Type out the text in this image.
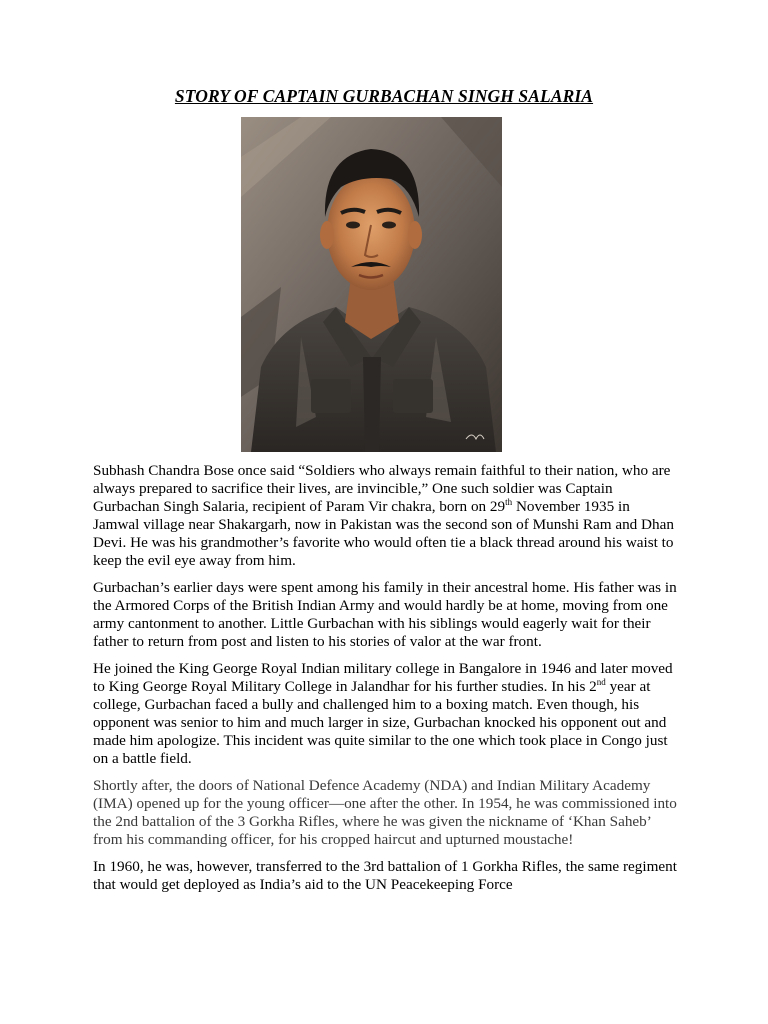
STORY OF CAPTAIN GURBACHAN SINGH SALARIA

Subhash Chandra Bose once said “Soldiers who always remain faithful to their nation, who are always prepared to sacrifice their lives, are invincible,” One such soldier was Captain Gurbachan Singh Salaria, recipient of Param Vir chakra, born on 29th November 1935 in Jamwal village near Shakargarh, now in Pakistan was the second son of Munshi Ram and Dhan Devi. He was his grandmother’s favorite who would often tie a black thread around his waist to keep the evil eye away from him.

Gurbachan’s earlier days were spent among his family in their ancestral home. His father was in the Armored Corps of the British Indian Army and would hardly be at home, moving from one army cantonment to another. Little Gurbachan with his siblings would eagerly wait for their father to return from post and listen to his stories of valor at the war front.

He joined the King George Royal Indian military college in Bangalore in 1946 and later moved to King George Royal Military College in Jalandhar for his further studies. In his 2nd year at college, Gurbachan faced a bully and challenged him to a boxing match. Even though, his opponent was senior to him and much larger in size, Gurbachan knocked his opponent out and made him apologize. This incident was quite similar to the one which took place in Congo just on a battle field.

Shortly after, the doors of National Defence Academy (NDA) and Indian Military Academy (IMA) opened up for the young officer—one after the other. In 1954, he was commissioned into the 2nd battalion of the 3 Gorkha Rifles, where he was given the nickname of ‘Khan Saheb’ from his commanding officer, for his cropped haircut and upturned moustache!

In 1960, he was, however, transferred to the 3rd battalion of 1 Gorkha Rifles, the same regiment that would get deployed as India’s aid to the UN Peacekeeping Force
